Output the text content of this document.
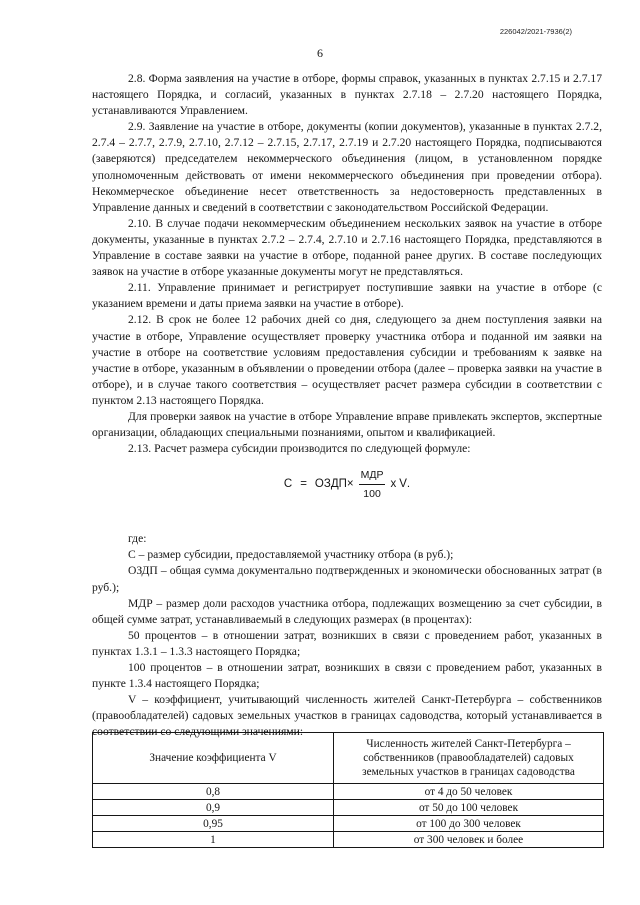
226042/2021-7936(2)
6

2.8. Форма заявления на участие в отборе, формы справок, указанных в пунктах 2.7.15 и 2.7.17 настоящего Порядка, и согласий, указанных в пунктах 2.7.18 – 2.7.20 настоящего Порядка, устанавливаются Управлением.

2.9. Заявление на участие в отборе, документы (копии документов), указанные в пунктах 2.7.2, 2.7.4 – 2.7.7, 2.7.9, 2.7.10, 2.7.12 – 2.7.15, 2.7.17, 2.7.19 и 2.7.20 настоящего Порядка, подписываются (заверяются) председателем некоммерческого объединения (лицом, в установленном порядке уполномоченным действовать от имени некоммерческого объединения при проведении отбора). Некоммерческое объединение несет ответственность за недостоверность представленных в Управление данных и сведений в соответствии с законодательством Российской Федерации.

2.10. В случае подачи некоммерческим объединением нескольких заявок на участие в отборе документы, указанные в пунктах 2.7.2 – 2.7.4, 2.7.10 и 2.7.16 настоящего Порядка, представляются в Управление в составе заявки на участие в отборе, поданной ранее других. В составе последующих заявок на участие в отборе указанные документы могут не представляться.

2.11. Управление принимает и регистрирует поступившие заявки на участие в отборе (с указанием времени и даты приема заявки на участие в отборе).

2.12. В срок не более 12 рабочих дней со дня, следующего за днем поступления заявки на участие в отборе, Управление осуществляет проверку участника отбора и поданной им заявки на участие в отборе на соответствие условиям предоставления субсидии и требованиям к заявке на участие в отборе, указанным в объявлении о проведении отбора (далее – проверка заявки на участие в отборе), и в случае такого соответствия – осуществляет расчет размера субсидии в соответствии с пунктом 2.13 настоящего Порядка.

Для проверки заявок на участие в отборе Управление вправе привлекать экспертов, экспертные организации, обладающих специальными познаниями, опытом и квалификацией.

2.13. Расчет размера субсидии производится по следующей формуле:

С = ОЗДП × $\frac{\text{МДР}}{100}$ х V .

где:

С – размер субсидии, предоставляемой участнику отбора (в руб.);

ОЗДП – общая сумма документально подтвержденных и экономически обоснованных затрат (в руб.);

МДР – размер доли расходов участника отбора, подлежащих возмещению за счет субсидии, в общей сумме затрат, устанавливаемый в следующих размерах (в процентах):

50 процентов – в отношении затрат, возникших в связи с проведением работ, указанных в пунктах 1.3.1 – 1.3.3 настоящего Порядка;

100 процентов – в отношении затрат, возникших в связи с проведением работ, указанных в пункте 1.3.4 настоящего Порядка;

V – коэффициент, учитывающий численность жителей Санкт-Петербурга – собственников (правообладателей) садовых земельных участков в границах садоводства, который устанавливается в соответствии со следующими значениями:

Значение коэффициента V	Численность жителей Санкт-Петербурга – собственников (правообладателей) садовых земельных участков в границах садоводства
0,8	от 4 до 50 человек
0,9	от 50 до 100 человек
0,95	от 100 до 300 человек
1	от 300 человек и более
